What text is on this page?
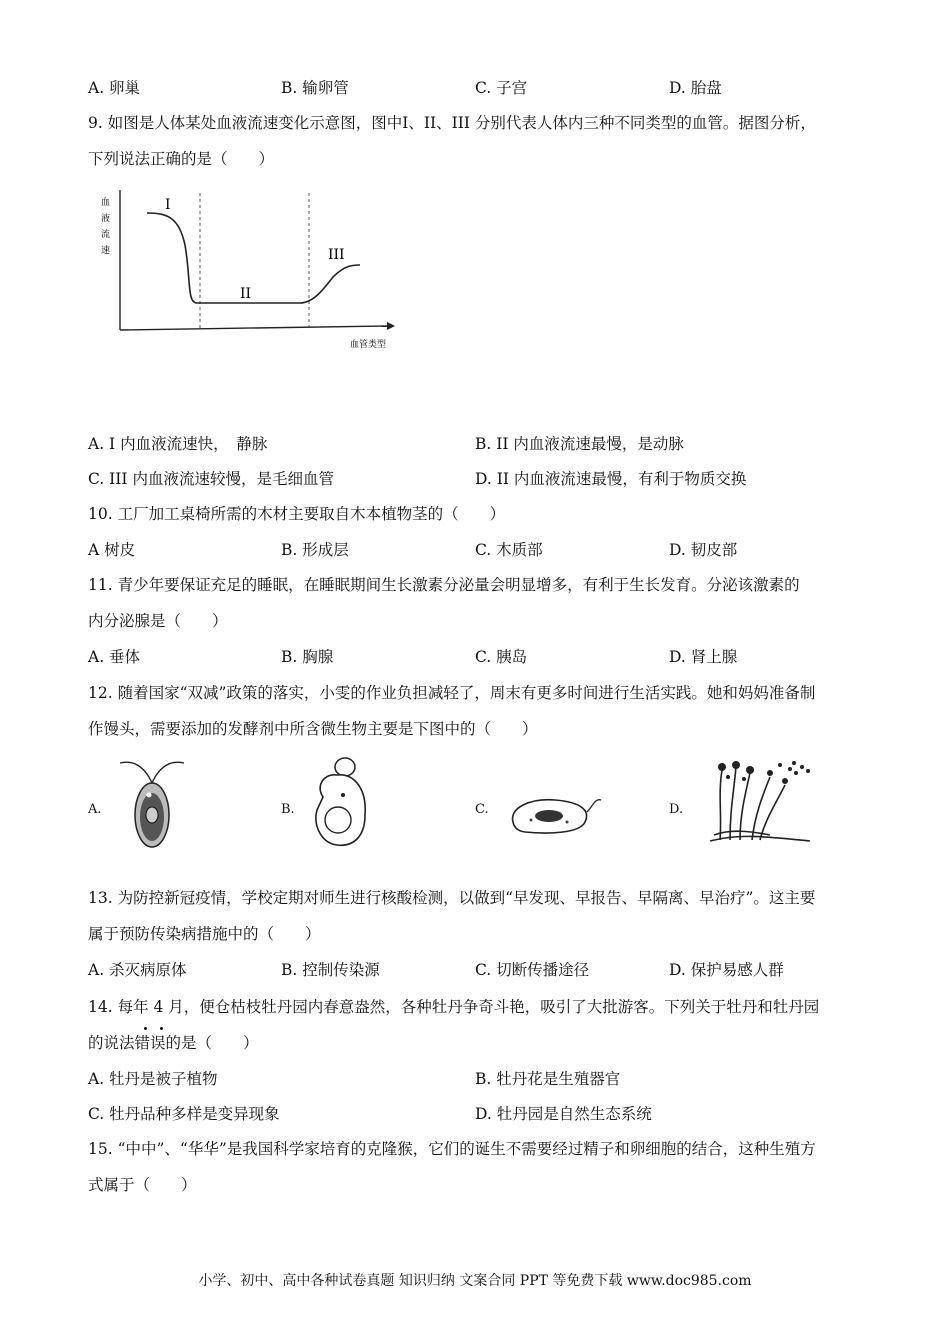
A. 卵巢	B. 输卵管	C. 子宫	D. 胎盘
9. 如图是人体某处血液流速变化示意图，图中I、II、III 分别代表人体内三种不同类型的血管。据图分析，
下列说法正确的是（　　）
血
液
流
速
I
II
III
血管类型
A. I 内血液流速快，　静脉	B. II 内血液流速最慢，是动脉
C. III 内血液流速较慢，是毛细血管	D. II 内血液流速最慢，有利于物质交换
10. 工厂加工桌椅所需的木材主要取自木本植物茎的（　　）
A 树皮	B. 形成层	C. 木质部	D. 韧皮部
11. 青少年要保证充足的睡眠，在睡眠期间生长激素分泌量会明显增多，有利于生长发育。分泌该激素的
内分泌腺是（　　）
A. 垂体	B. 胸腺	C. 胰岛	D. 肾上腺
12. 随着国家“双减”政策的落实，小雯的作业负担减轻了，周末有更多时间进行生活实践。她和妈妈准备制
作馒头，需要添加的发酵剂中所含微生物主要是下图中的（　　）
A.	B.	C.	D.
13. 为防控新冠疫情，学校定期对师生进行核酸检测，以做到“早发现、早报告、早隔离、早治疗”。这主要
属于预防传染病措施中的（　　）
A. 杀灭病原体	B. 控制传染源	C. 切断传播途径	D. 保护易感人群
14. 每年 4 月，便仓枯枝牡丹园内春意盎然，各种牡丹争奇斗艳，吸引了大批游客。下列关于牡丹和牡丹园
的说法错误的是（　　）
A. 牡丹是被子植物	B. 牡丹花是生殖器官
C. 牡丹品种多样是变异现象	D. 牡丹园是自然生态系统
15. “中中”、“华华”是我国科学家培育的克隆猴，它们的诞生不需要经过精子和卵细胞的结合，这种生殖方
式属于（　　）
小学、初中、高中各种试卷真题 知识归纳 文案合同 PPT 等免费下载 www.doc985.com
